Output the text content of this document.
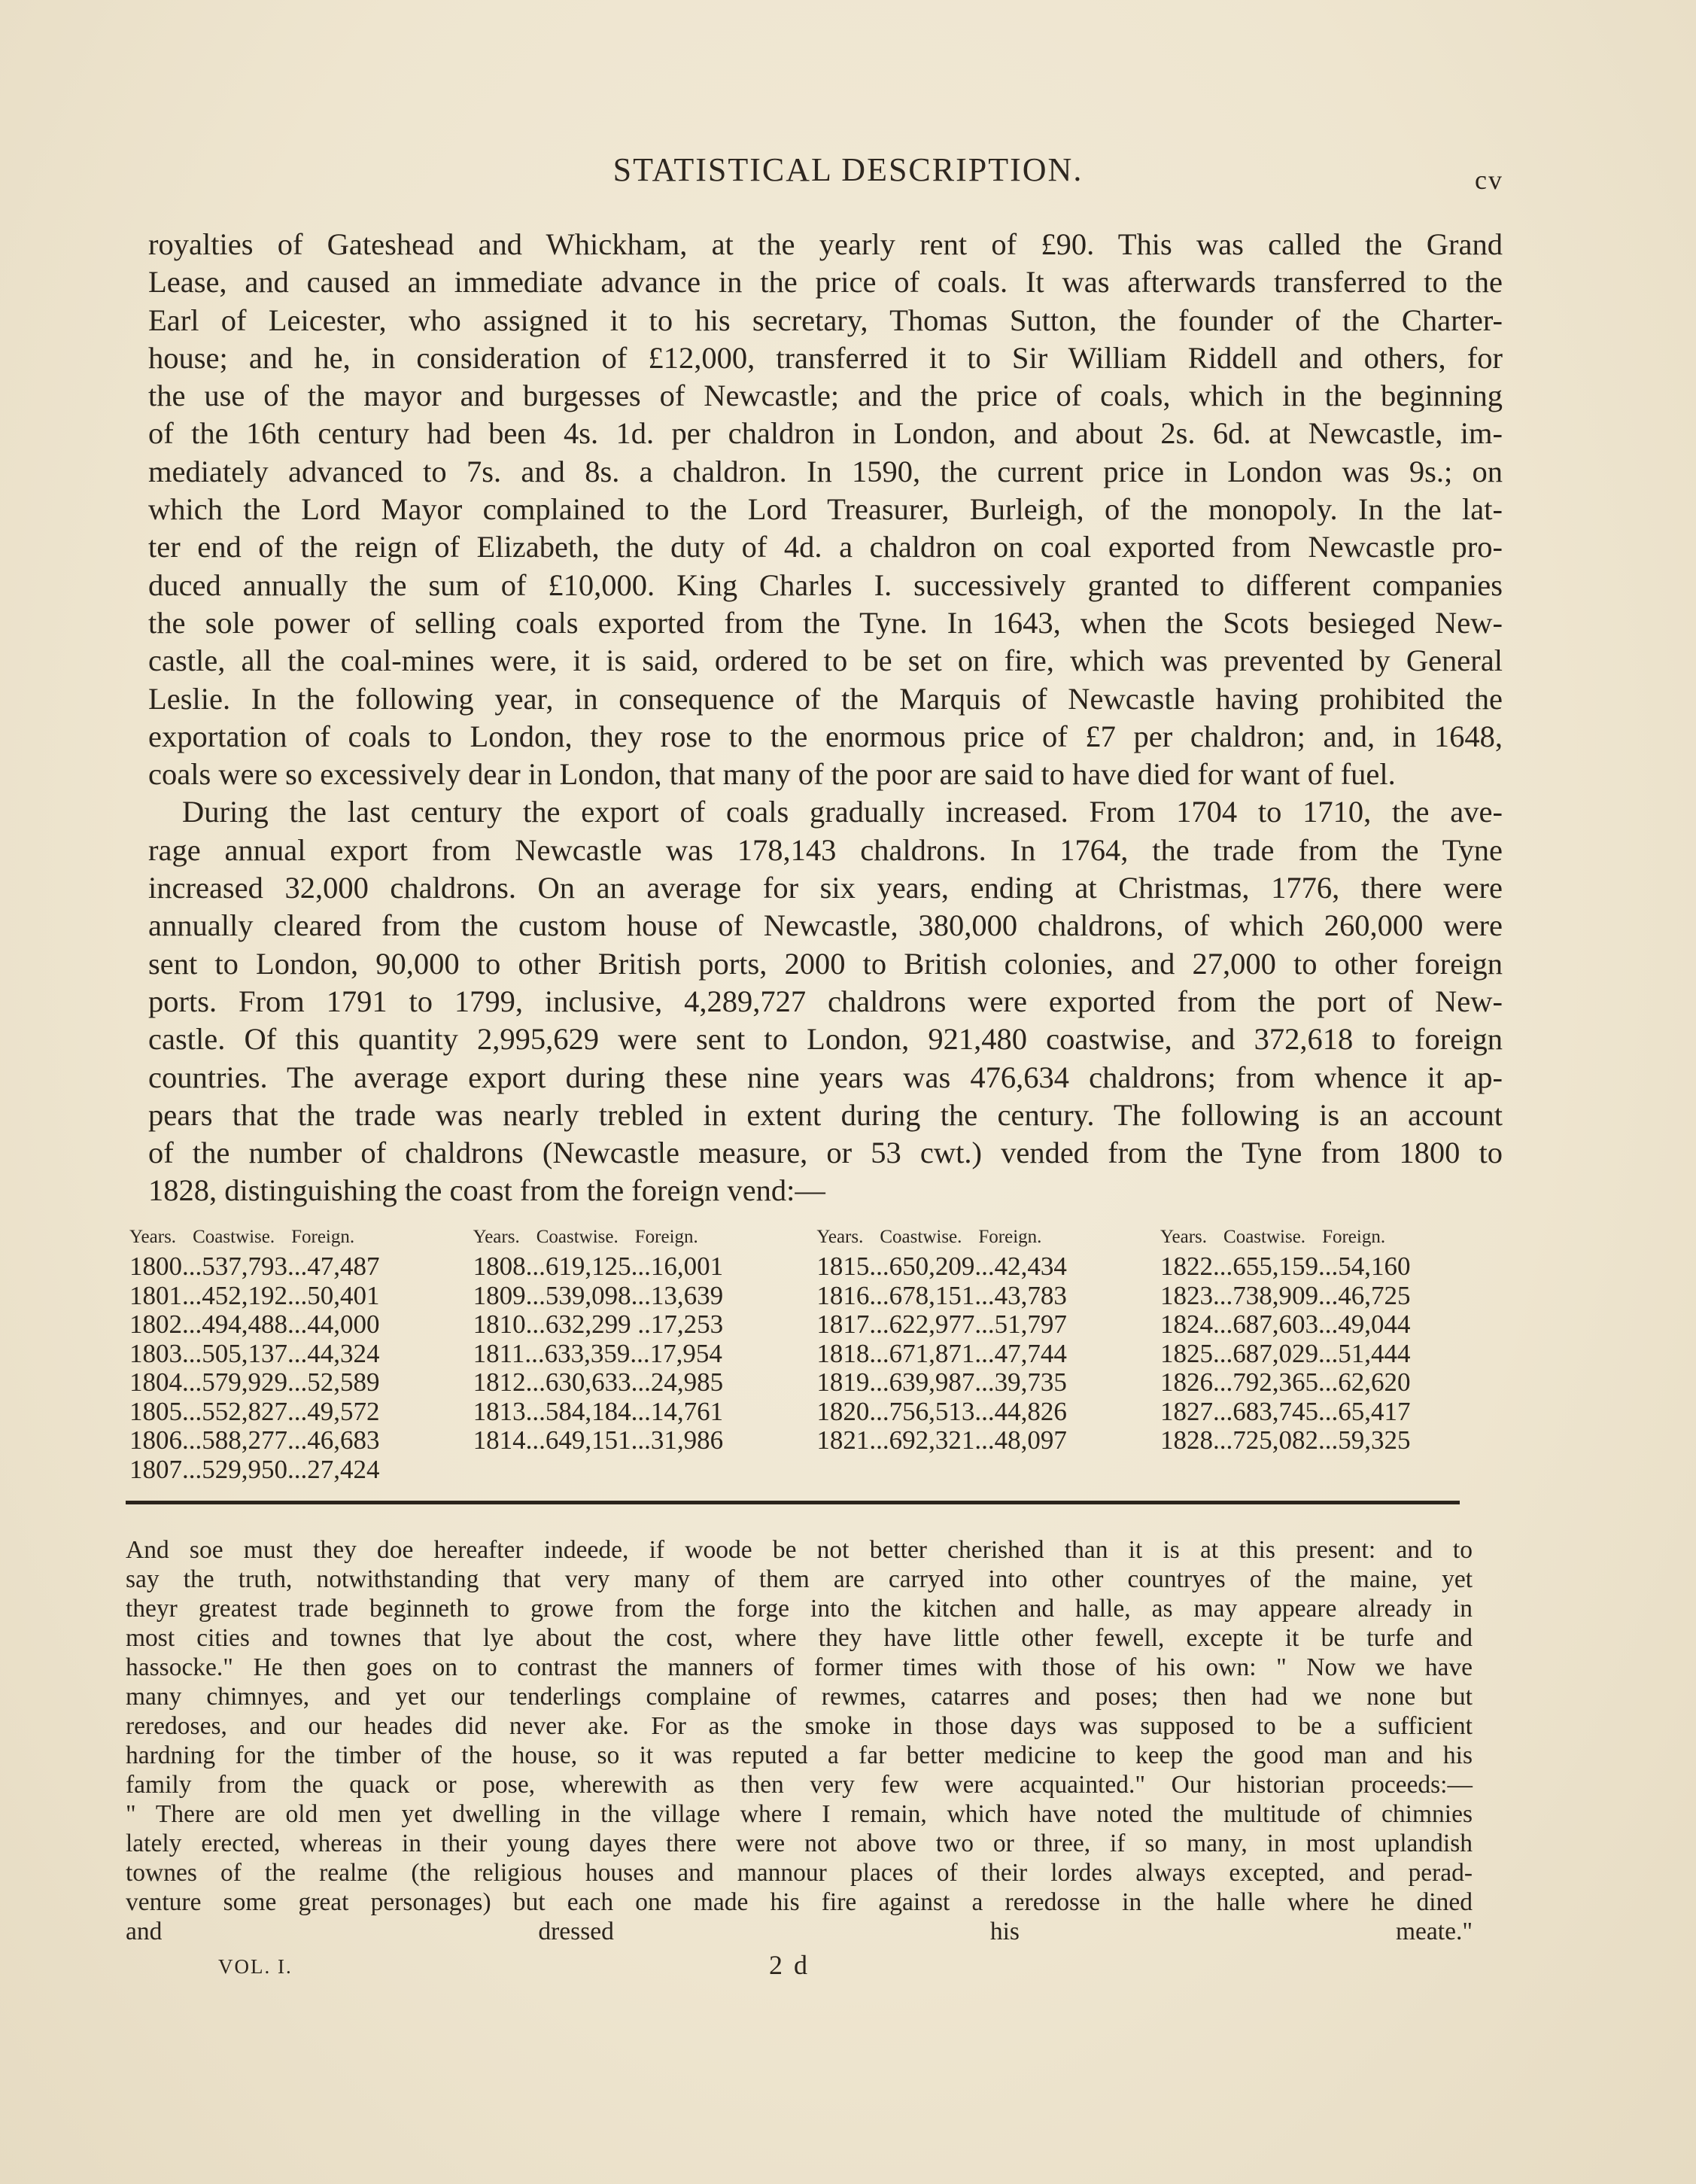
STATISTICAL DESCRIPTION.	cv

royalties of Gateshead and Whickham, at the yearly rent of £90. This was called the Grand
Lease, and caused an immediate advance in the price of coals. It was afterwards transferred to the
Earl of Leicester, who assigned it to his secretary, Thomas Sutton, the founder of the Charter-
house; and he, in consideration of £12,000, transferred it to Sir William Riddell and others, for
the use of the mayor and burgesses of Newcastle; and the price of coals, which in the beginning
of the 16th century had been 4s. 1d. per chaldron in London, and about 2s. 6d. at Newcastle, im-
mediately advanced to 7s. and 8s. a chaldron. In 1590, the current price in London was 9s.; on
which the Lord Mayor complained to the Lord Treasurer, Burleigh, of the monopoly. In the lat-
ter end of the reign of Elizabeth, the duty of 4d. a chaldron on coal exported from Newcastle pro-
duced annually the sum of £10,000. King Charles I. successively granted to different companies
the sole power of selling coals exported from the Tyne. In 1643, when the Scots besieged New-
castle, all the coal-mines were, it is said, ordered to be set on fire, which was prevented by General
Leslie. In the following year, in consequence of the Marquis of Newcastle having prohibited the
exportation of coals to London, they rose to the enormous price of £7 per chaldron; and, in 1648,
coals were so excessively dear in London, that many of the poor are said to have died for want of fuel.

During the last century the export of coals gradually increased. From 1704 to 1710, the ave-
rage annual export from Newcastle was 178,143 chaldrons. In 1764, the trade from the Tyne
increased 32,000 chaldrons. On an average for six years, ending at Christmas, 1776, there were
annually cleared from the custom house of Newcastle, 380,000 chaldrons, of which 260,000 were
sent to London, 90,000 to other British ports, 2000 to British colonies, and 27,000 to other foreign
ports. From 1791 to 1799, inclusive, 4,289,727 chaldrons were exported from the port of New-
castle. Of this quantity 2,995,629 were sent to London, 921,480 coastwise, and 372,618 to foreign
countries. The average export during these nine years was 476,634 chaldrons; from whence it ap-
pears that the trade was nearly trebled in extent during the century. The following is an account
of the number of chaldrons (Newcastle measure, or 53 cwt.) vended from the Tyne from 1800 to
1828, distinguishing the coast from the foreign vend:—

Years. Coastwise. Foreign.
1800...537,793...47,487
1801...452,192...50,401
1802...494,488...44,000
1803...505,137...44,324
1804...579,929...52,589
1805...552,827...49,572
1806...588,277...46,683
1807...529,950...27,424
Years. Coastwise. Foreign.
1808...619,125...16,001
1809...539,098...13,639
1810...632,299 ..17,253
1811...633,359...17,954
1812...630,633...24,985
1813...584,184...14,761
1814...649,151...31,986
Years. Coastwise. Foreign.
1815...650,209...42,434
1816...678,151...43,783
1817...622,977...51,797
1818...671,871...47,744
1819...639,987...39,735
1820...756,513...44,826
1821...692,321...48,097
Years. Coastwise. Foreign.
1822...655,159...54,160
1823...738,909...46,725
1824...687,603...49,044
1825...687,029...51,444
1826...792,365...62,620
1827...683,745...65,417
1828...725,082...59,325
And soe must they doe hereafter indeede, if woode be not better cherished than it is at this present: and to
say the truth, notwithstanding that very many of them are carryed into other countryes of the maine, yet
theyr greatest trade beginneth to growe from the forge into the kitchen and halle, as may appeare already in
most cities and townes that lye about the cost, where they have little other fewell, excepte it be turfe and
hassocke." He then goes on to contrast the manners of former times with those of his own: " Now we have
many chimnyes, and yet our tenderlings complaine of rewmes, catarres and poses; then had we none but
reredoses, and our heades did never ake. For as the smoke in those days was supposed to be a sufficient
hardning for the timber of the house, so it was reputed a far better medicine to keep the good man and his
family from the quack or pose, wherewith as then very few were acquainted." Our historian proceeds:—
" There are old men yet dwelling in the village where I remain, which have noted the multitude of chimnies
lately erected, whereas in their young dayes there were not above two or three, if so many, in most uplandish
townes of the realme (the religious houses and mannour places of their lordes always excepted, and perad-
venture some great personages) but each one made his fire against a reredosse in the halle where he dined
and dressed his meate."
VOL. I.	2 d
